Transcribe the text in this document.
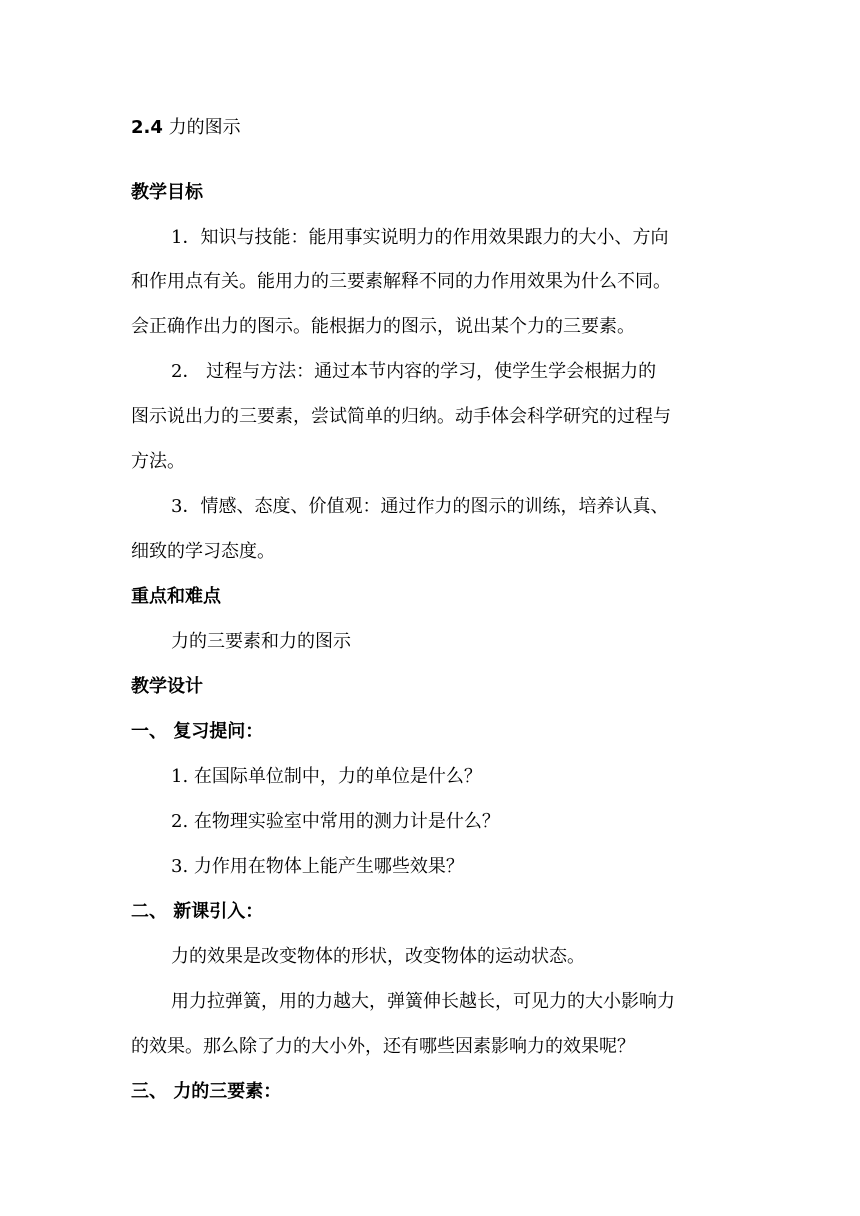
2.4 力的图示
教学目标
1．知识与技能：能用事实说明力的作用效果跟力的大小、方向
和作用点有关。能用力的三要素解释不同的力作用效果为什么不同。
会正确作出力的图示。能根据力的图示，说出某个力的三要素。
2． 过程与方法：通过本节内容的学习，使学生学会根据力的
图示说出力的三要素，尝试简单的归纳。动手体会科学研究的过程与
方法。
3．情感、态度、价值观：通过作力的图示的训练，培养认真、
细致的学习态度。
重点和难点
力的三要素和力的图示
教学设计
一、 复习提问：
1. 在国际单位制中，力的单位是什么？
2. 在物理实验室中常用的测力计是什么？
3. 力作用在物体上能产生哪些效果？
二、 新课引入：
力的效果是改变物体的形状，改变物体的运动状态。
用力拉弹簧，用的力越大，弹簧伸长越长，可见力的大小影响力
的效果。那么除了力的大小外，还有哪些因素影响力的效果呢？
三、 力的三要素：
